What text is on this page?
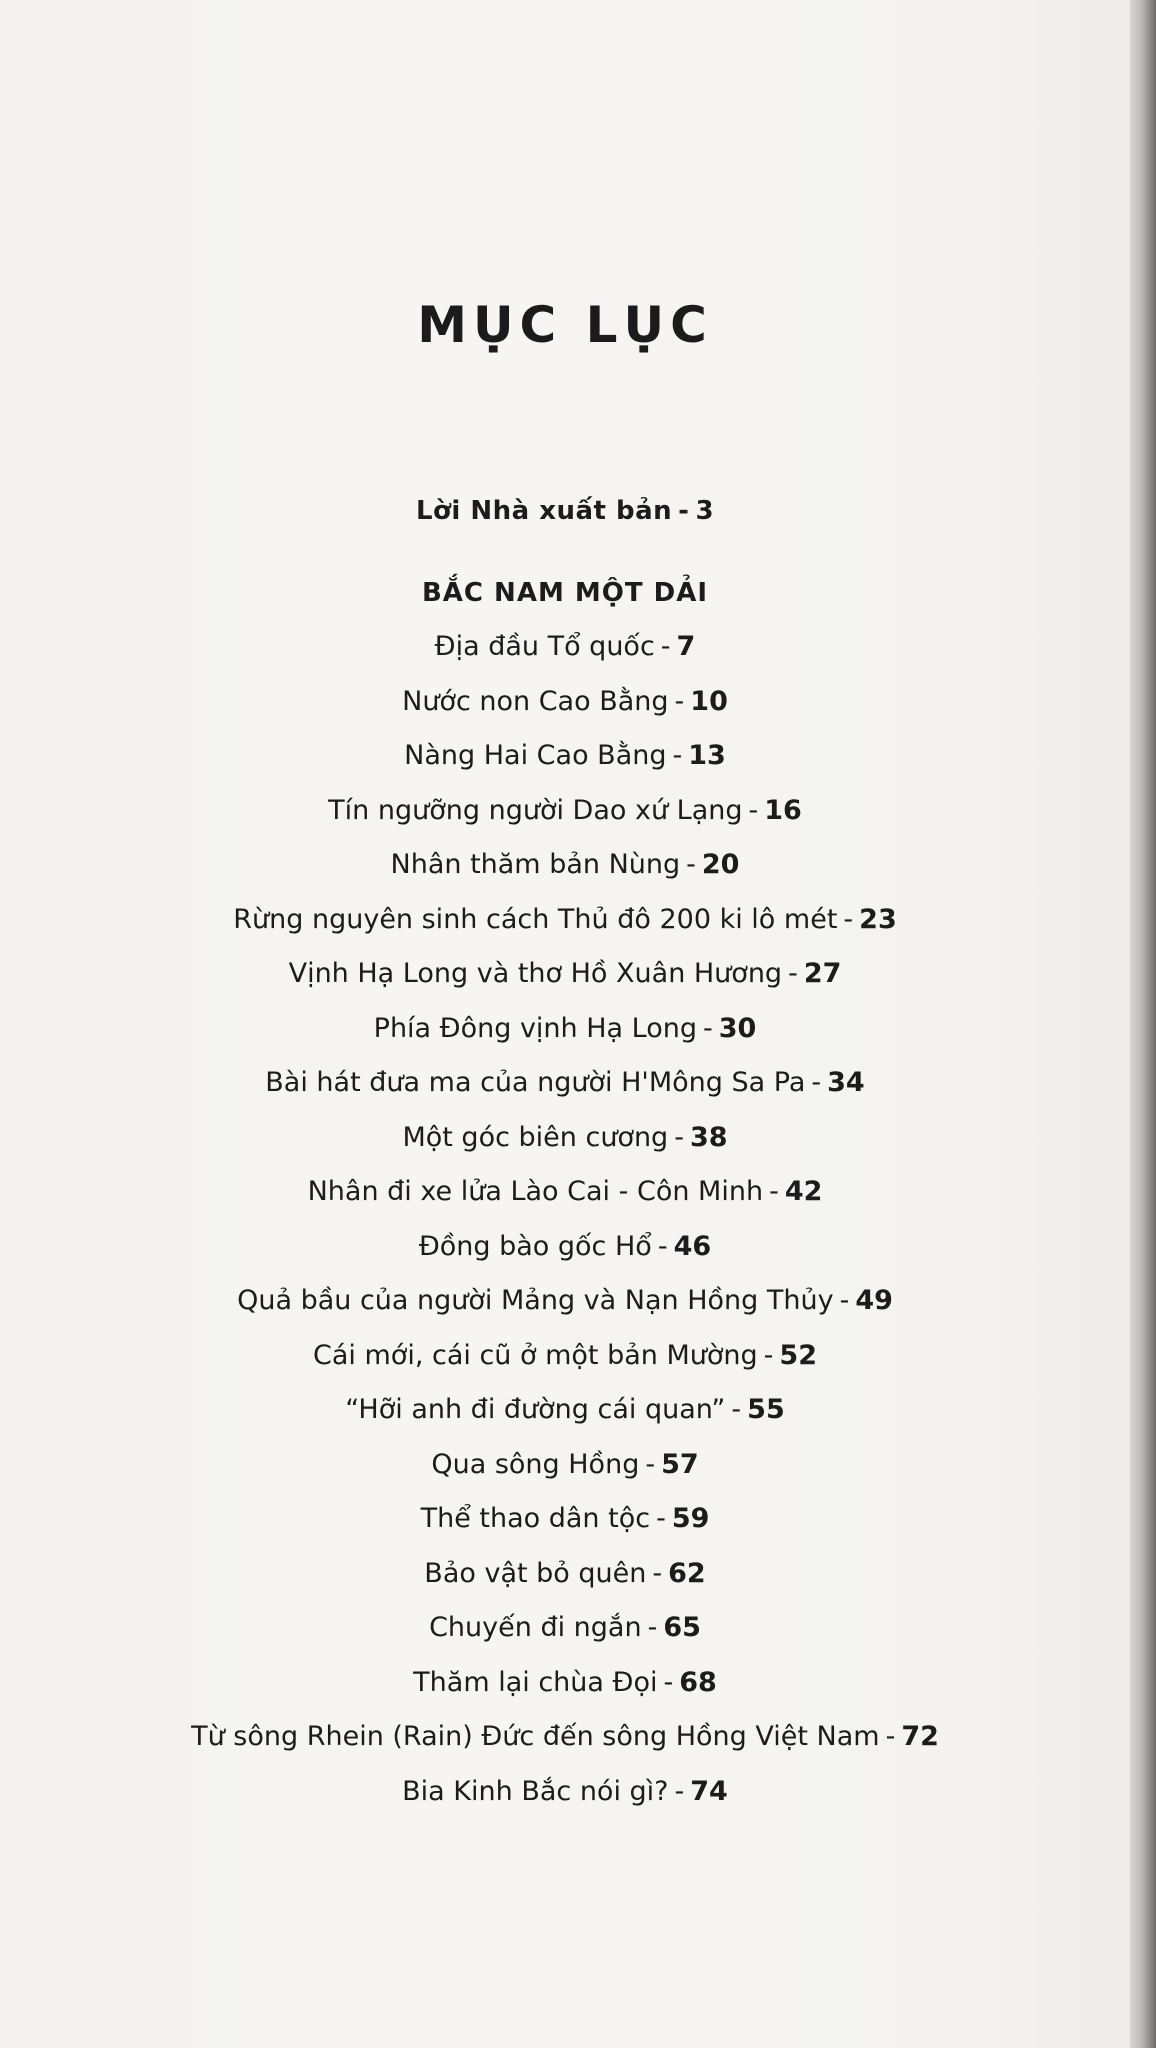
MỤC LỤC
Lời Nhà xuất bản - 3
BẮC NAM MỘT DẢI
Địa đầu Tổ quốc - 7
Nước non Cao Bằng - 10
Nàng Hai Cao Bằng - 13
Tín ngưỡng người Dao xứ Lạng - 16
Nhân thăm bản Nùng - 20
Rừng nguyên sinh cách Thủ đô 200 ki lô mét - 23
Vịnh Hạ Long và thơ Hồ Xuân Hương - 27
Phía Đông vịnh Hạ Long - 30
Bài hát đưa ma của người H'Mông Sa Pa - 34
Một góc biên cương - 38
Nhân đi xe lửa Lào Cai - Côn Minh - 42
Đồng bào gốc Hổ - 46
Quả bầu của người Mảng và Nạn Hồng Thủy - 49
Cái mới, cái cũ ở một bản Mường - 52
“Hỡi anh đi đường cái quan” - 55
Qua sông Hồng - 57
Thể thao dân tộc - 59
Bảo vật bỏ quên - 62
Chuyến đi ngắn - 65
Thăm lại chùa Đọi - 68
Từ sông Rhein (Rain) Đức đến sông Hồng Việt Nam - 72
Bia Kinh Bắc nói gì? - 74
